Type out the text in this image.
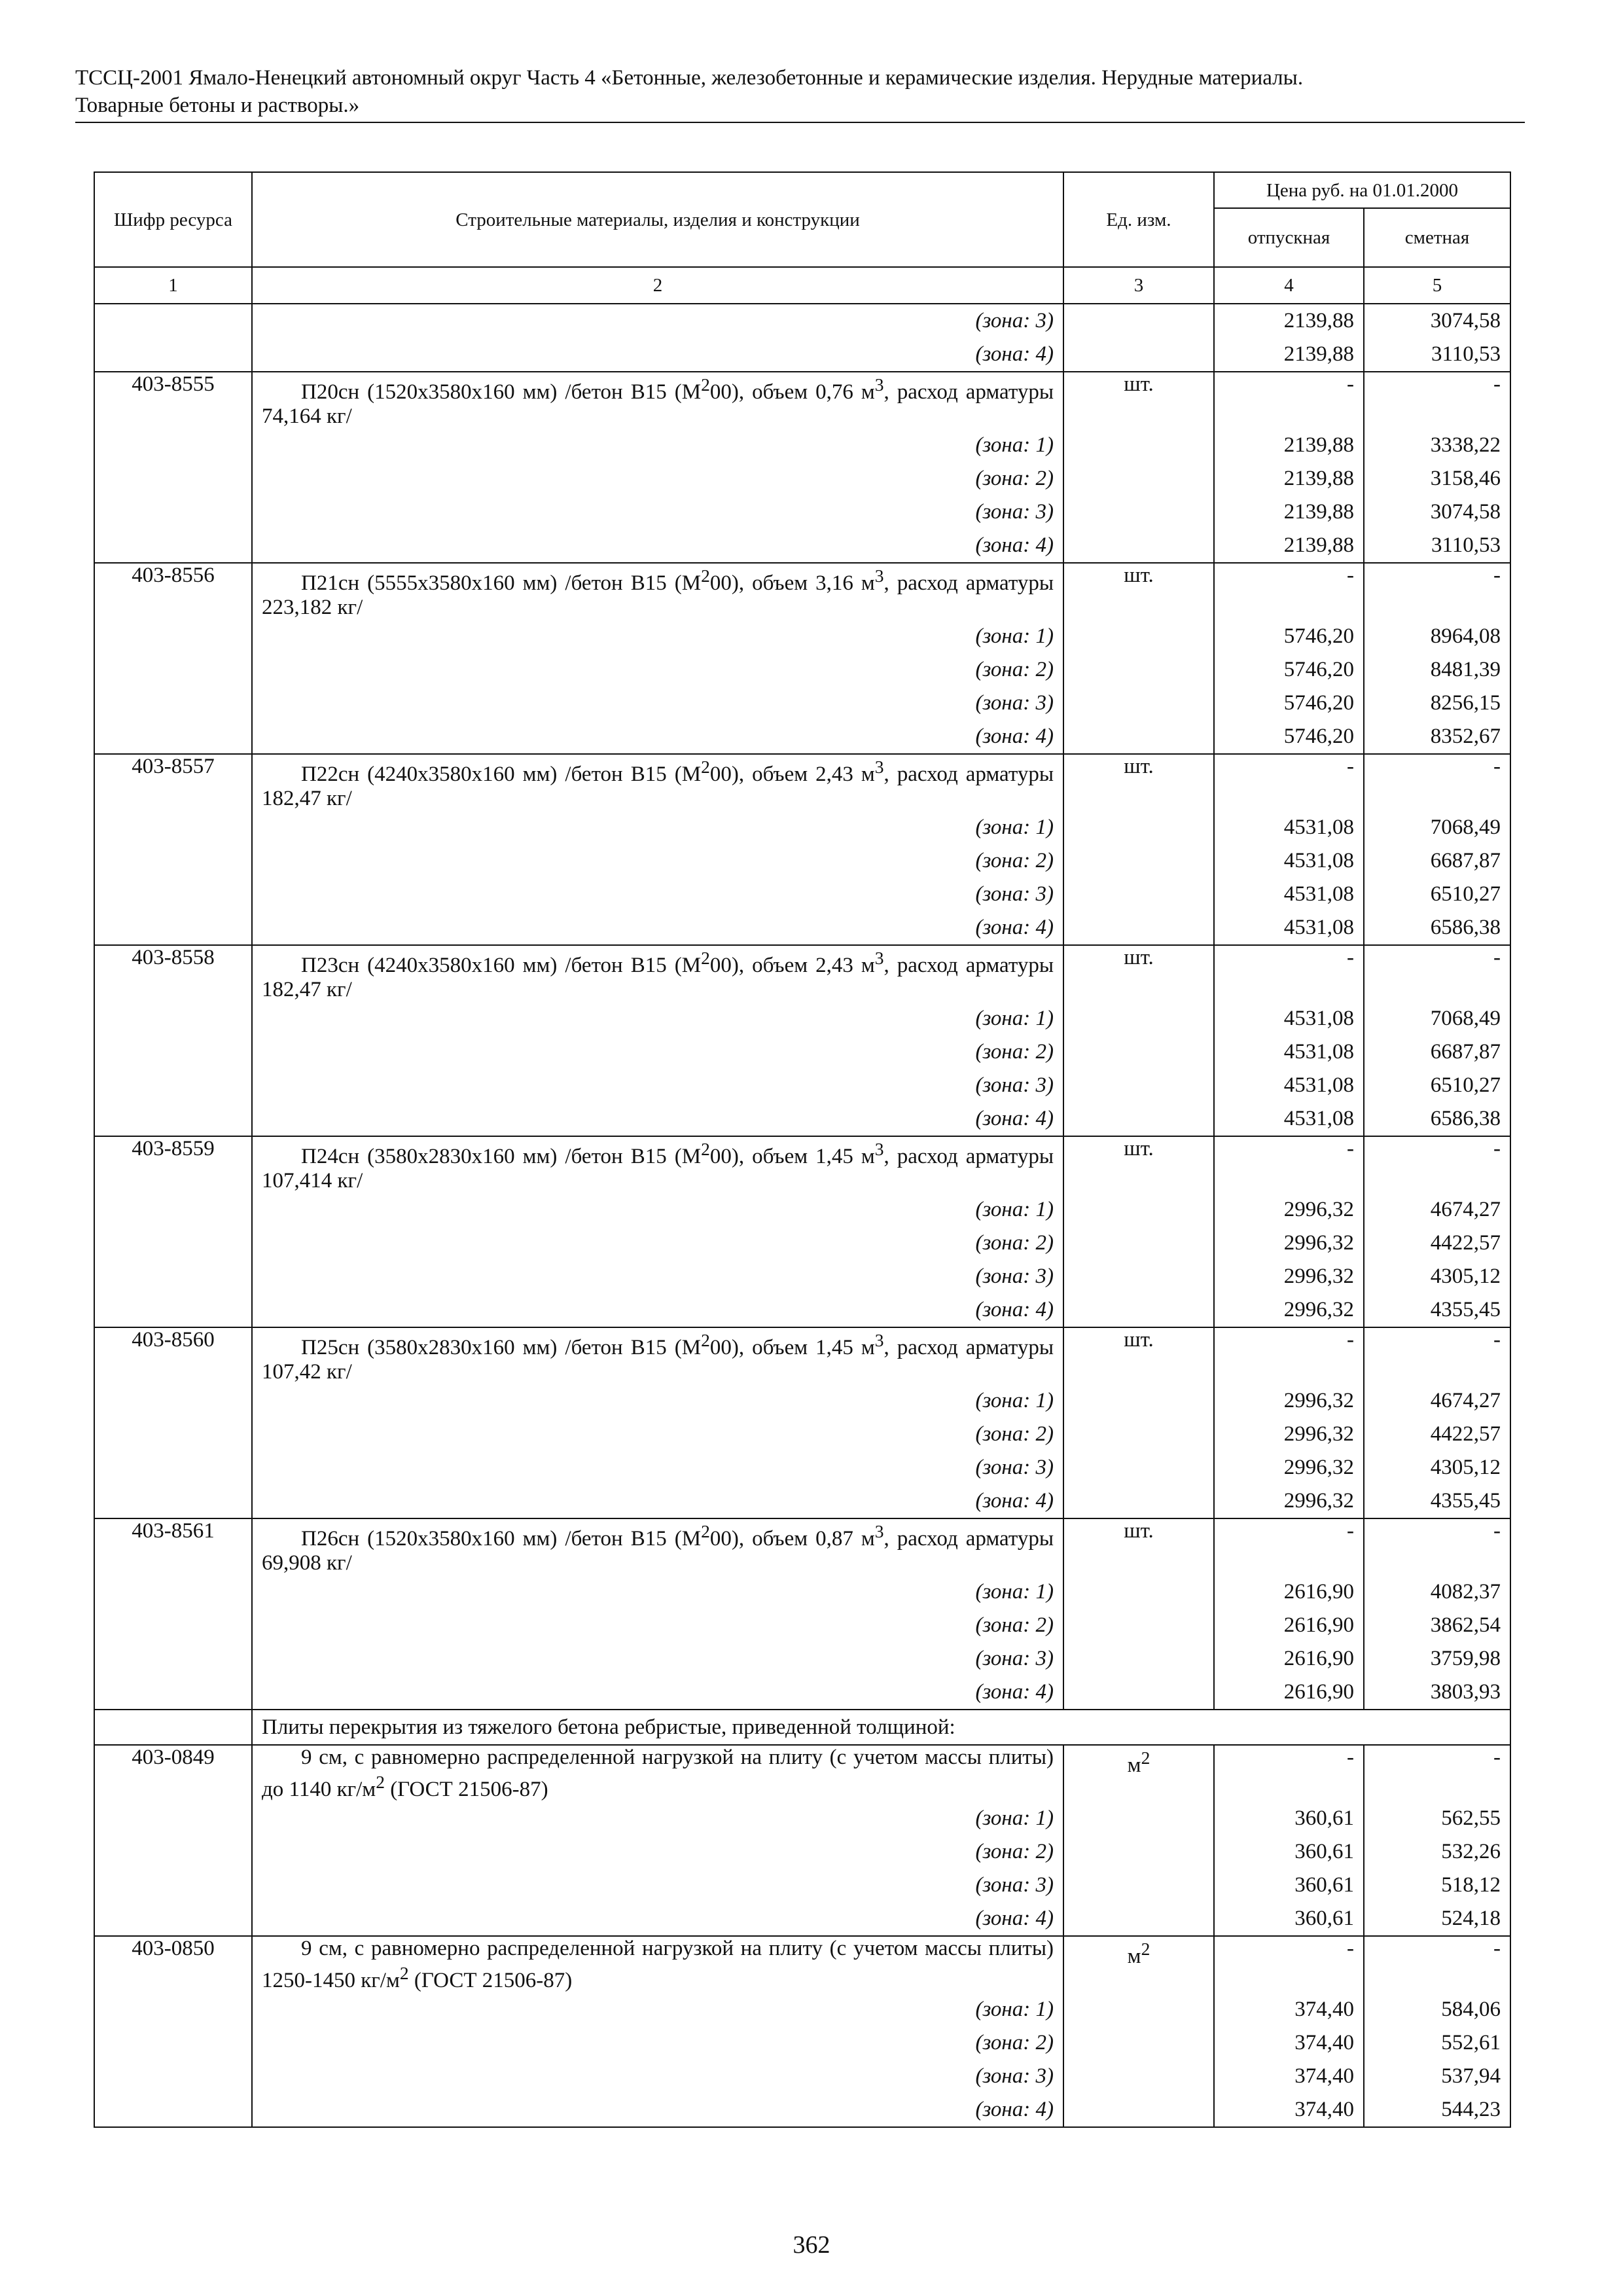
ТССЦ-2001 Ямало-Ненецкий автономный округ Часть 4 «Бетонные, железобетонные и керамические изделия. Нерудные материалы.
Товарные бетоны и растворы.»
Шифр ресурса	Строительные материалы, изделия и конструкции	Ед. изм.	Цена руб. на 01.01.2000	
			отпускная	сметная
1	2	3	4	5
	(зона: 3)		2139,88	3074,58
	(зона: 4)		2139,88	3110,53
403-8555	П20сн (1520х3580х160 мм) /бетон В15 $(М^200)$, объем 0,76 $м^3$, расход арматуры 74,164 кг/	шт.	-	-
	(зона: 1)		2139,88	3338,22
	(зона: 2)		2139,88	3158,46
	(зона: 3)		2139,88	3074,58
	(зона: 4)		2139,88	3110,53
403-8556	П21сн (5555х3580х160 мм) /бетон В15 $(М^200)$, объем 3,16 $м^3$, расход арматуры 223,182 кг/	шт.	-	-
	(зона: 1)		5746,20	8964,08
	(зона: 2)		5746,20	8481,39
	(зона: 3)		5746,20	8256,15
	(зона: 4)		5746,20	8352,67
403-8557	П22сн (4240х3580х160 мм) /бетон В15 $(М^200)$, объем 2,43 $м^3$, расход арматуры 182,47 кг/	шт.	-	-
	(зона: 1)		4531,08	7068,49
	(зона: 2)		4531,08	6687,87
	(зона: 3)		4531,08	6510,27
	(зона: 4)		4531,08	6586,38
403-8558	П23сн (4240х3580х160 мм) /бетон В15 $(М^200)$, объем 2,43 $м^3$, расход арматуры 182,47 кг/	шт.	-	-
	(зона: 1)		4531,08	7068,49
	(зона: 2)		4531,08	6687,87
	(зона: 3)		4531,08	6510,27
	(зона: 4)		4531,08	6586,38
403-8559	П24сн (3580х2830х160 мм) /бетон В15 $(М^200)$, объем 1,45 $м^3$, расход арматуры 107,414 кг/	шт.	-	-
	(зона: 1)		2996,32	4674,27
	(зона: 2)		2996,32	4422,57
	(зона: 3)		2996,32	4305,12
	(зона: 4)		2996,32	4355,45
403-8560	П25сн (3580х2830х160 мм) /бетон В15 $(М^200)$, объем 1,45 $м^3$, расход арматуры 107,42 кг/	шт.	-	-
	(зона: 1)		2996,32	4674,27
	(зона: 2)		2996,32	4422,57
	(зона: 3)		2996,32	4305,12
	(зона: 4)		2996,32	4355,45
403-8561	П26сн (1520х3580х160 мм) /бетон В15 $(М^200)$, объем 0,87 $м^3$, расход арматуры 69,908 кг/	шт.	-	-
	(зона: 1)		2616,90	4082,37
	(зона: 2)		2616,90	3862,54
	(зона: 3)		2616,90	3759,98
	(зона: 4)		2616,90	3803,93
	Плиты перекрытия из тяжелого бетона ребристые, приведенной толщиной:			
403-0849	9 см, с равномерно распределенной нагрузкой на плиту (с учетом массы плиты) до 1140 $кг/м^2$ (ГОСТ 21506-87)	$м^2$	-	-
	(зона: 1)		360,61	562,55
	(зона: 2)		360,61	532,26
	(зона: 3)		360,61	518,12
	(зона: 4)		360,61	524,18
403-0850	9 см, с равномерно распределенной нагрузкой на плиту (с учетом массы плиты) 1250-1450 $кг/м^2$ (ГОСТ 21506-87)	$м^2$	-	-
	(зона: 1)		374,40	584,06
	(зона: 2)		374,40	552,61
	(зона: 3)		374,40	537,94
	(зона: 4)		374,40	544,23
362
